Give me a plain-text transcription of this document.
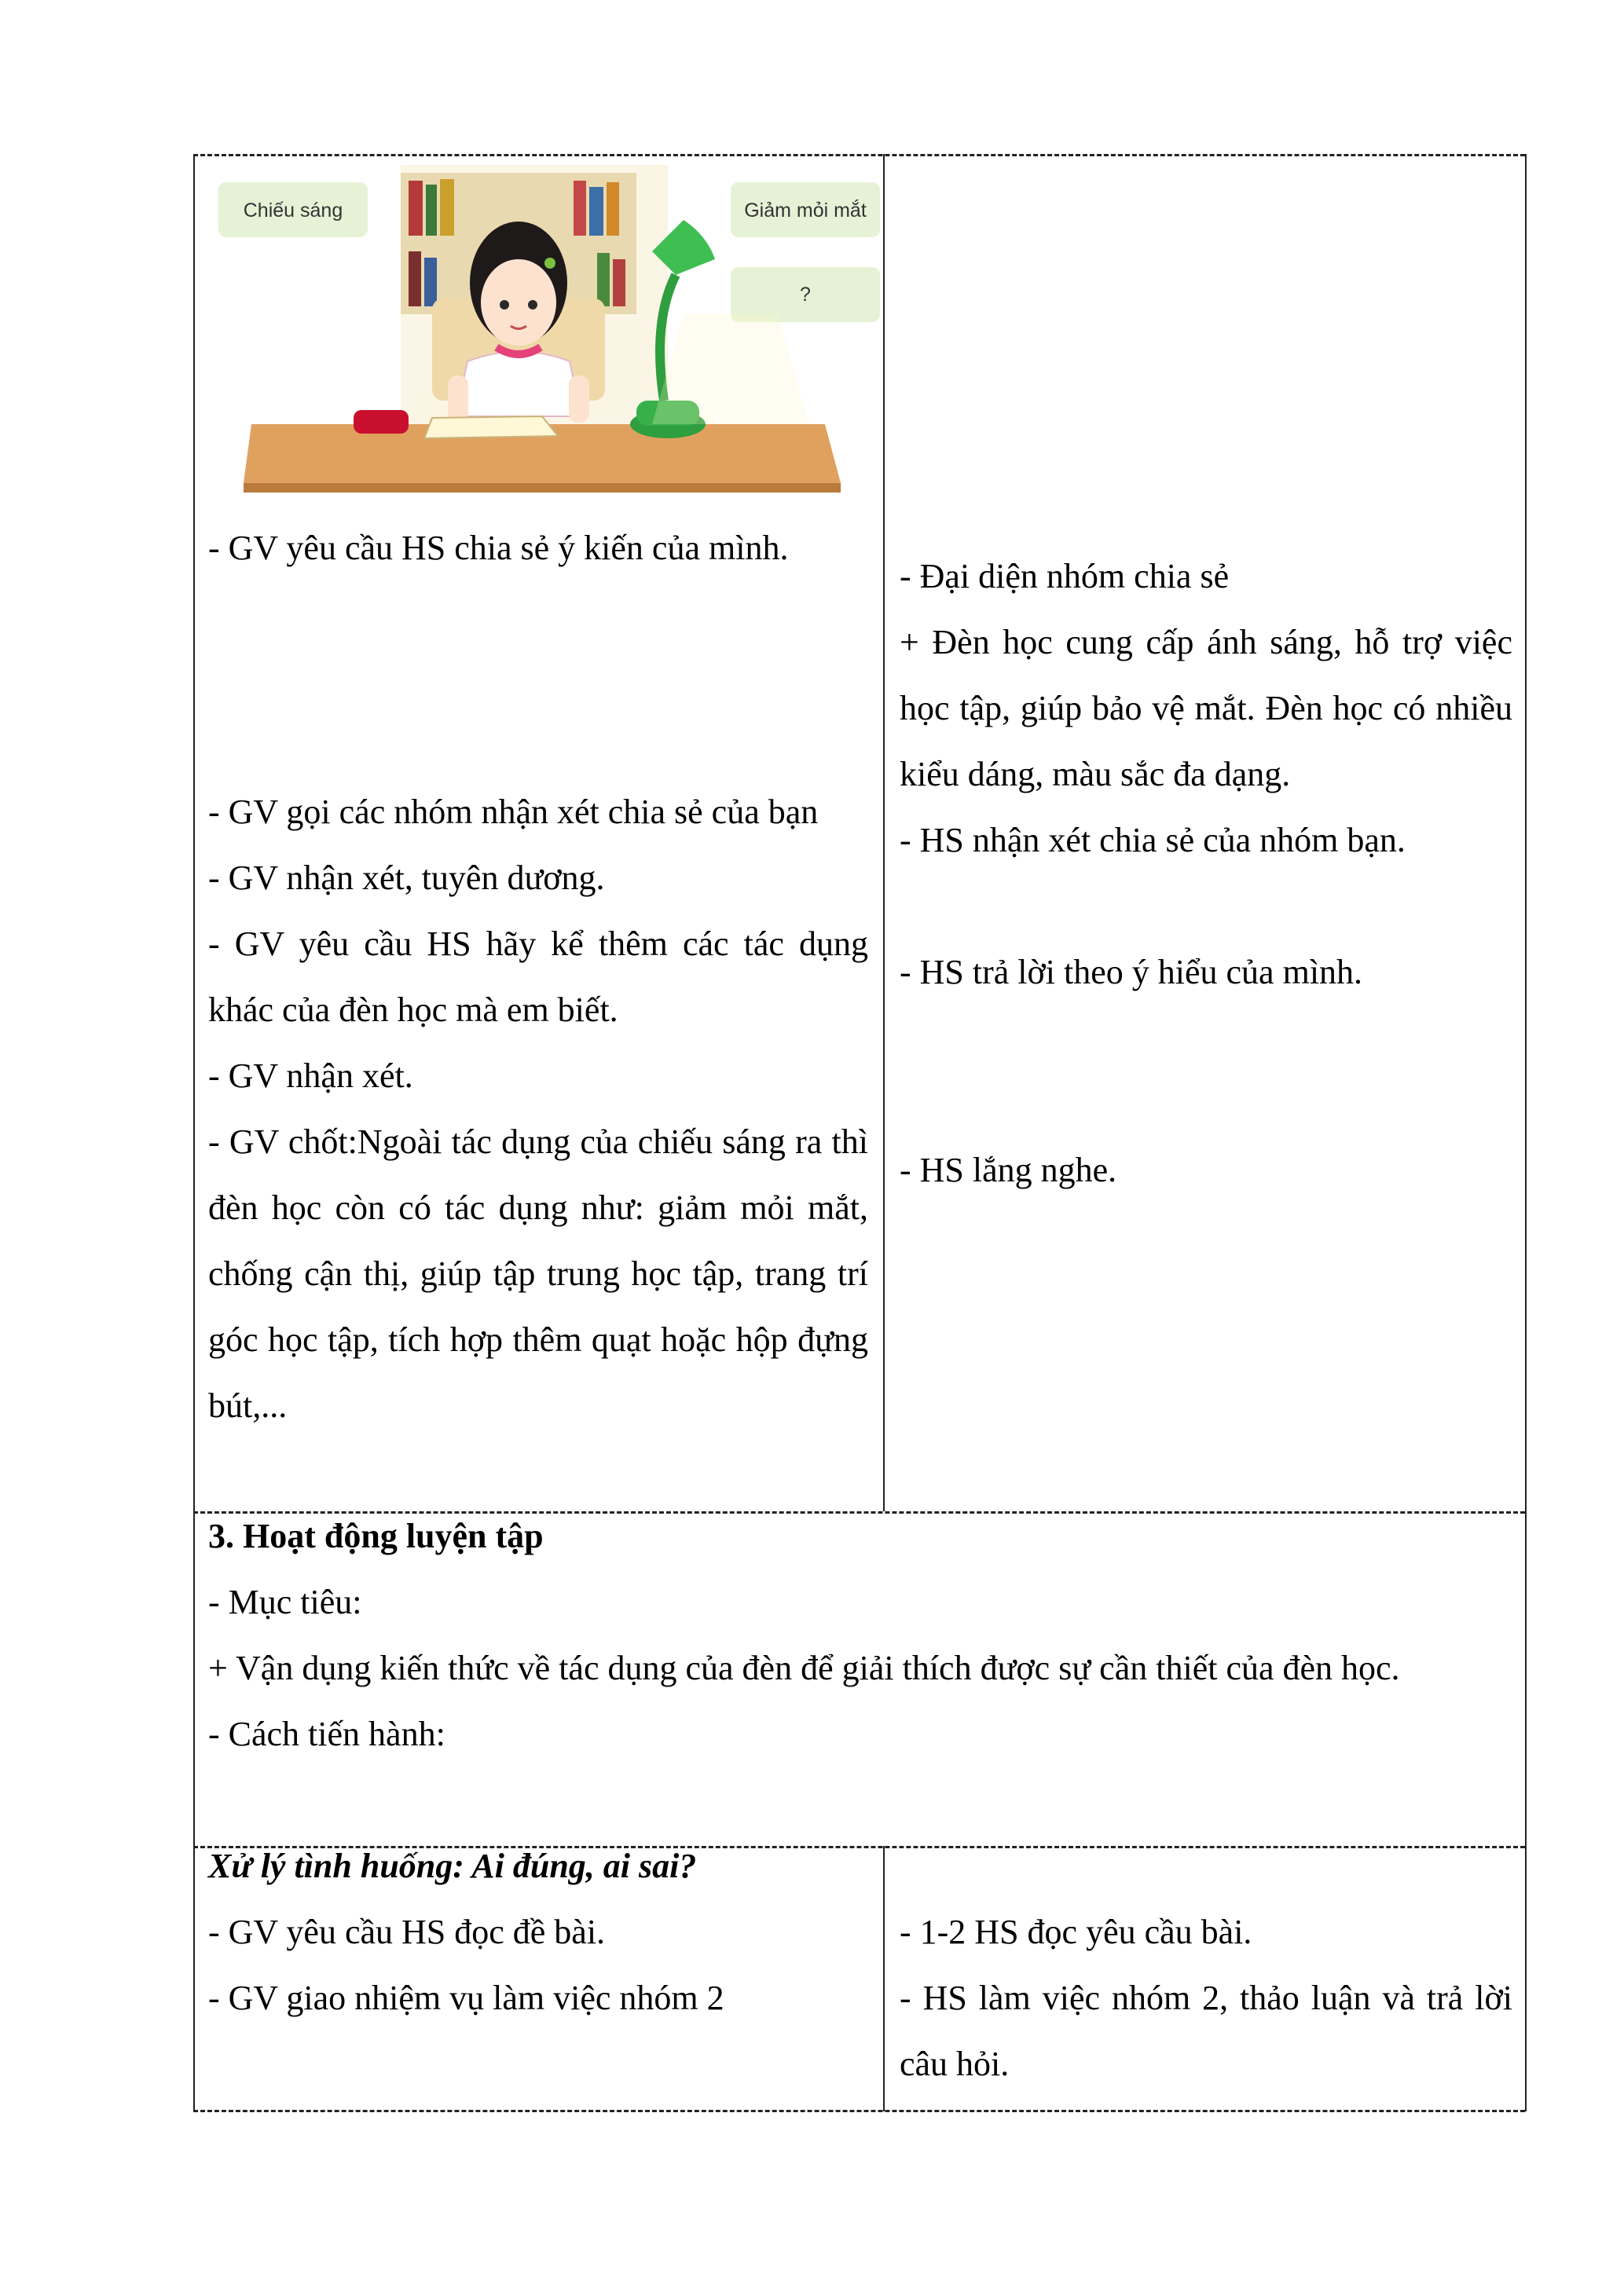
Chiếu sáng	Giảm mỏi mắt
?

- GV yêu cầu HS chia sẻ ý kiến của mình.

- GV gọi các nhóm nhận xét chia sẻ của bạn

- GV nhận xét, tuyên dương.

- GV yêu cầu HS hãy kể thêm các tác dụng khác của đèn học mà em biết.

- GV nhận xét.

- GV chốt:Ngoài tác dụng của chiếu sáng ra thì đèn học còn có tác dụng như: giảm mỏi mắt, chống cận thị, giúp tập trung học tập, trang trí góc học tập, tích hợp thêm quạt hoặc hộp đựng bút,...

- Đại diện nhóm chia sẻ

+ Đèn học cung cấp ánh sáng, hỗ trợ việc học tập, giúp bảo vệ mắt. Đèn học có nhiều kiểu dáng, màu sắc đa dạng.

- HS nhận xét chia sẻ của nhóm bạn.

- HS trả lời theo ý hiểu của mình.

- HS lắng nghe.

3. Hoạt động luyện tập

- Mục tiêu:

+ Vận dụng kiến thức về tác dụng của đèn để giải thích được sự cần thiết của đèn học.

- Cách tiến hành:

Xử lý tình huống: Ai đúng, ai sai?

- GV yêu cầu HS đọc đề bài.

- GV giao nhiệm vụ làm việc nhóm 2

- 1-2 HS đọc yêu cầu bài.

- HS làm việc nhóm 2, thảo luận và trả lời câu hỏi.
